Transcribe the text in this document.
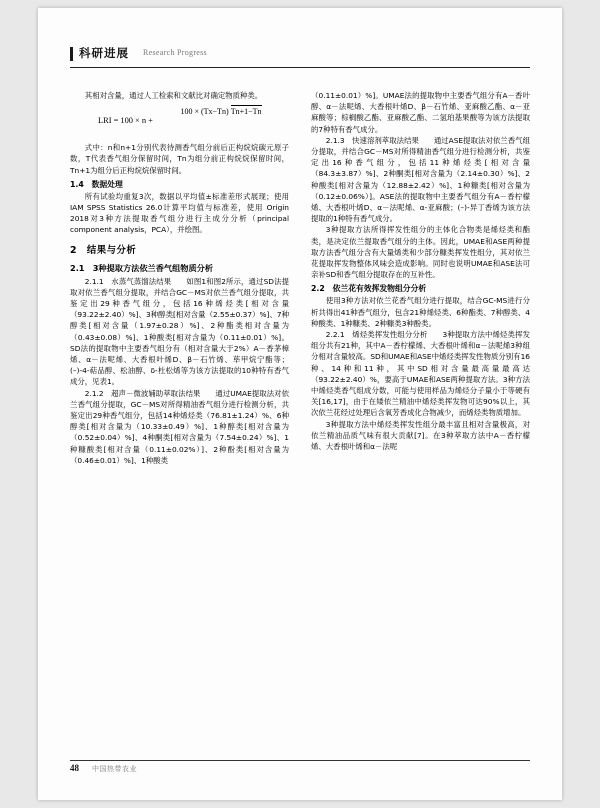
科研进展 Research Progress

其相对含量，通过人工检索和文献比对确定物质种类。

LRI = 100 × n +
100 × (Tx−Tn) Tn+1−Tn

式中：n和n+1分别代表待测香气组分前后正构烷烷碳元原子数，T代表香气组分保留时间，Tn为组分前正构烷烷保留时间，Tn+1为组分后正构烷烷保留时间。

1.4　数据处理

所有试验均重复3次，数据以平均值±标准差形式展现；使用IAM SPSS Statistics 26.0计算平均值与标准差，使用 Origin 2018对3种方法提取香气组分进行主成分分析（principal component analysis，PCA），并绘图。

2　结果与分析

2.1　3种提取方法依兰香气组物质分析

2.1.1　水蒸气蒸馏法结果　　如图1和图2所示，通过SD法提取对依兰香气组分提取，并结合GC－MS对依兰香气组分提取，共鉴定出29种香气组分，包括16种烯烃类[相对含量（93.22±2.40）%]、3种醇类[相对含量（2.55±0.37）%]、7种醇类[相对含量（1.97±0.28）%]、2种酯类相对含量为（0.43±0.08）%]、1种酸类[相对含量为（0.11±0.01）%]。SD法的提取物中主要香气组分有（相对含量大于2%）A－香茅樟烯、α－法呢烯、大香根叶烯D、β－石竹烯、荜甲烷宁酯等；(–)-4-萜品醇、松油醇、δ-杜松烯等为该方法提取的10种特有香气成分，见表1。

2.1.2　超声－微波辅助萃取法结果　　通过UMAE提取法对依兰香气组分提取，GC－MS对所得精油香气组分进行检测分析，共鉴定出29种香气组分，包括14种烯烃类（76.81±1.24）%、6种醇类[相对含量为（10.33±0.49）%]、1种醇类[相对含量为（0.52±0.04）%]、4种酮类[相对含量为（7.54±0.24）%]、1种糠酸类[相对含量（0.11±0.02%）]、2种酚类[相对含量为（0.46±0.01）%]、1种酸类

（0.11±0.01）%]。UMAE法的提取物中主要香气组分有A－香叶醇、α－法呢烯、大香根叶烯D、β－石竹烯、亚麻酸乙酯、α－亚麻酸等；棕榈酸乙酯、亚麻酸乙酯、二氢珀基果酸等为该方法提取的7种特有香气成分。

2.1.3　快速溶剂萃取法结果　　通过ASE提取法对依兰香气组分提取，并结合GC－MS对所得精油香气组分进行检测分析，共鉴定出16种香气组分，包括11种烯烃类[相对含量（84.3±3.87）%]、2种酮类[相对含量为（2.14±0.30）%]、2种酸类[相对含量为（12.88±2.42）%]、1种糠类[相对含量为（0.12±0.06%）]。ASE法的提取物中主要香气组分有A－香柠檬烯、大香根叶烯D、α－法呢烯、α-亚麻酸；(–)-异丁香烯为该方法提取的1种特有香气成分。

3种提取方法所得挥发性组分的主体化合物类是烯烃类和酯类，是决定依兰提取香气组分的主体。因此，UMAE和ASE两种提取方法香气组分含有大量烯类和少部分糠类挥发性组分，其对依兰花提取挥发物整体风味会造成影响。同时也说明UMAE和ASE法可亲补SD和香气组分提取存在的互补性。

2.2　依兰花有效挥发物组分分析

使用3种方法对依兰花香气组分进行提取，结合GC-MS进行分析共得出41种香气组分，包含21种烯烃类、6种酯类、7种醇类、4种酸类、1种糠类、2种糠类3种酚类。

2.2.1　烯烃类挥发性组分分析　　3种提取方法中烯烃类挥发组分共有21种，其中A－香柠檬烯、大香根叶烯和α－法呢烯3种组分相对含量较高。SD和UMAE和ASE中烯烃类挥发性物质分别有16种、14种和11种，其中SD相对含量最高量最高达（93.22±2.40）%，要高于UMAE和ASE两种提取方法。3种方法中烯烃类香气组成分数，可能与使用样品为烯烃分子量小于等硬有关[16,17]，由于在矮依兰精油中烯烃类挥发物可达90%以上，其次依兰花经过处理后含氧芳香成化合物减少，而烯烃类物质增加。

3种提取方法中烯烃类挥发性组分最丰富且相对含量极高，对依兰精油品质气味有很大贡献[7]。在3种萃取方法中A－香柠檬烯、大香根叶烯和α－法呢

48 中国热带农业
